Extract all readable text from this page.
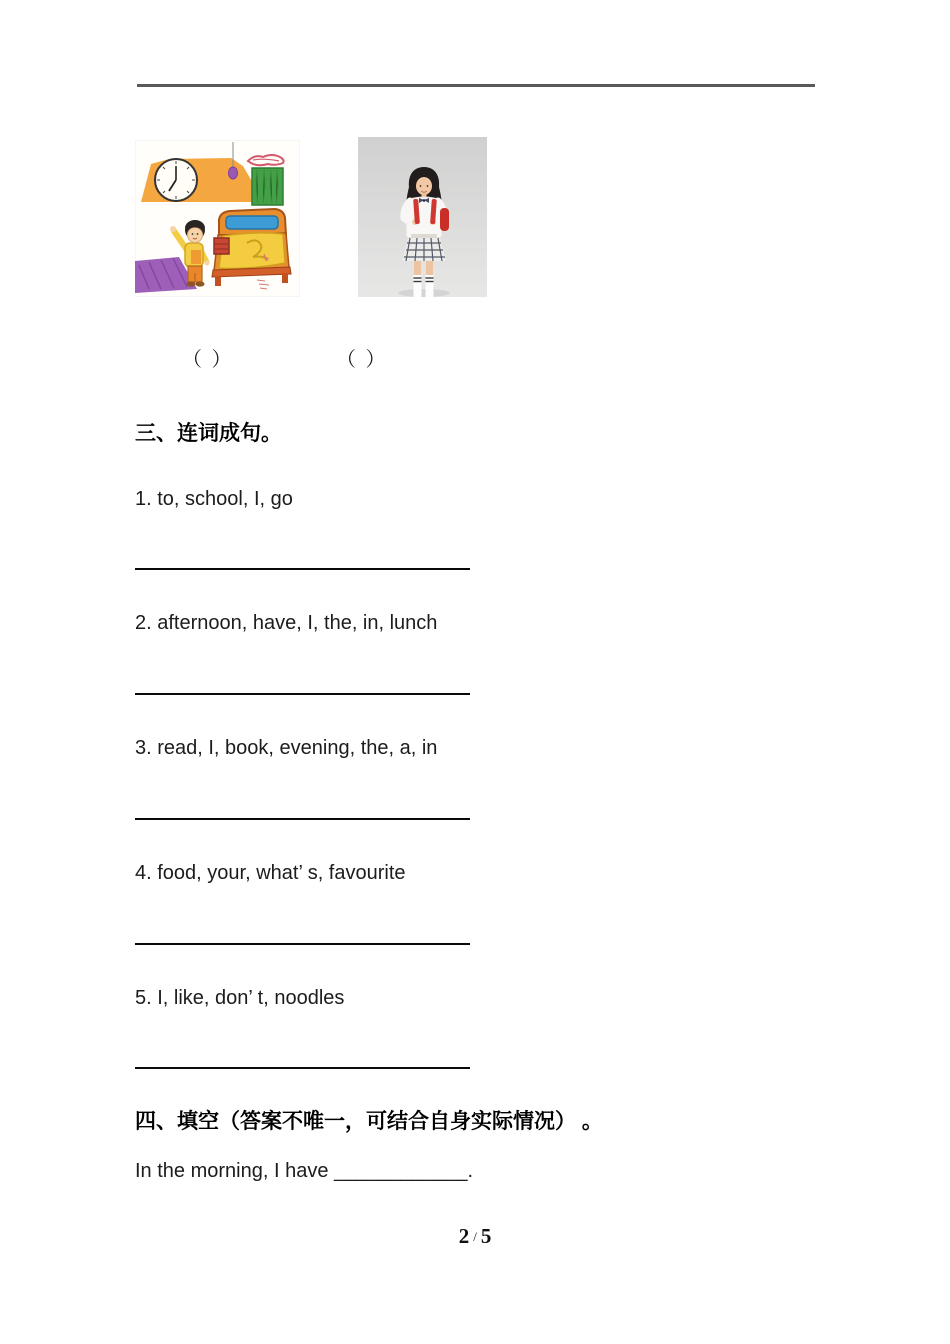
（ ）	（ ）
三、连词成句。
1. to, school, I, go
2. afternoon, have, I, the, in, lunch
3. read, I, book, evening, the, a, in
4. food, your, what’ s, favourite
5. I, like, don’ t, noodles
四、填空（答案不唯一，可结合自身实际情况） 。
In the morning, I have ____________.
2 / 5
